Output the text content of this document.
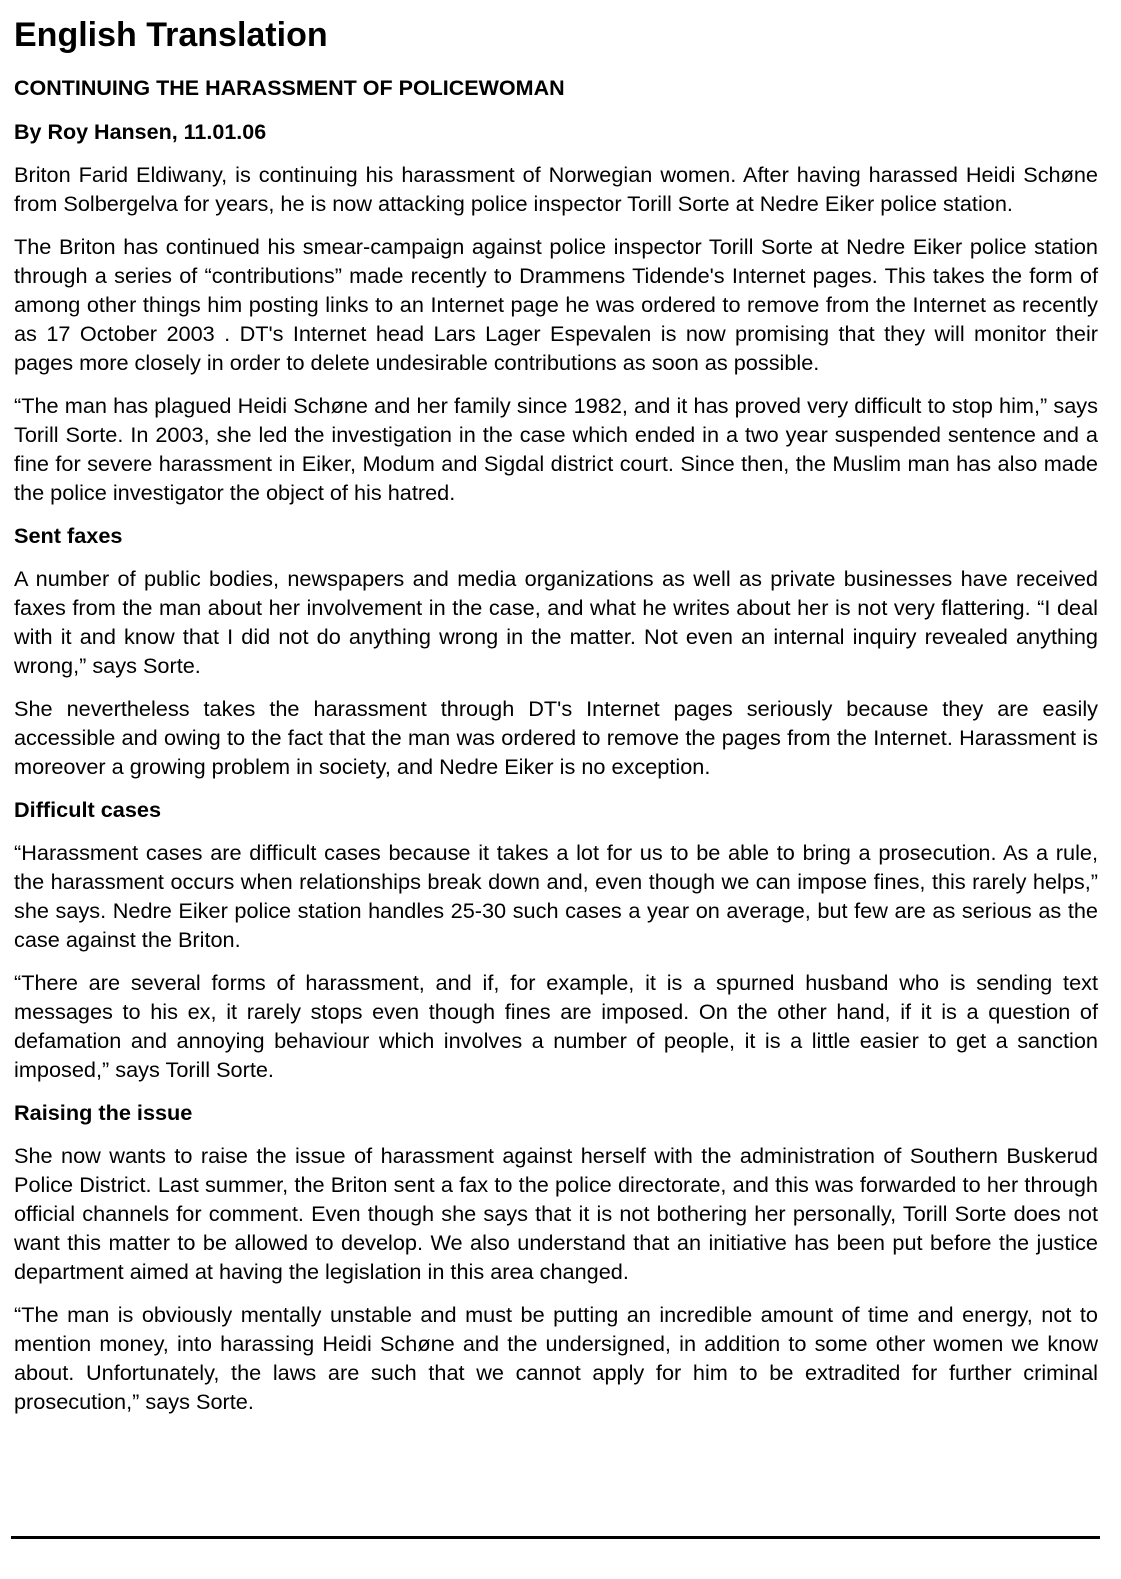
English Translation
CONTINUING THE HARASSMENT OF POLICEWOMAN
By Roy Hansen, 11.01.06

Briton Farid Eldiwany, is continuing his harassment of Norwegian women. After having harassed Heidi Schøne from Solbergelva for years, he is now attacking police inspector Torill Sorte at Nedre Eiker police station.

The Briton has continued his smear-campaign against police inspector Torill Sorte at Nedre Eiker police station through a series of “contributions” made recently to Drammens Tidende's Internet pages. This takes the form of among other things him posting links to an Internet page he was ordered to remove from the Internet as recently as 17 October 2003 . DT's Internet head Lars Lager Espevalen is now promising that they will monitor their pages more closely in order to delete undesirable contributions as soon as possible.

“The man has plagued Heidi Schøne and her family since 1982, and it has proved very difficult to stop him,” says Torill Sorte. In 2003, she led the investigation in the case which ended in a two year suspended sentence and a fine for severe harassment in Eiker, Modum and Sigdal district court. Since then, the Muslim man has also made the police investigator the object of his hatred.

Sent faxes

A number of public bodies, newspapers and media organizations as well as private businesses have received faxes from the man about her involvement in the case, and what he writes about her is not very flattering. “I deal with it and know that I did not do anything wrong in the matter. Not even an internal inquiry revealed anything wrong,” says Sorte.

She nevertheless takes the harassment through DT's Internet pages seriously because they are easily accessible and owing to the fact that the man was ordered to remove the pages from the Internet. Harassment is moreover a growing problem in society, and Nedre Eiker is no exception.

Difficult cases

“Harassment cases are difficult cases because it takes a lot for us to be able to bring a prosecution. As a rule, the harassment occurs when relationships break down and, even though we can impose fines, this rarely helps,” she says. Nedre Eiker police station handles 25-30 such cases a year on average, but few are as serious as the case against the Briton.

“There are several forms of harassment, and if, for example, it is a spurned husband who is sending text messages to his ex, it rarely stops even though fines are imposed. On the other hand, if it is a question of defamation and annoying behaviour which involves a number of people, it is a little easier to get a sanction imposed,” says Torill Sorte.

Raising the issue

She now wants to raise the issue of harassment against herself with the administration of Southern Buskerud Police District. Last summer, the Briton sent a fax to the police directorate, and this was forwarded to her through official channels for comment. Even though she says that it is not bothering her personally, Torill Sorte does not want this matter to be allowed to develop. We also understand that an initiative has been put before the justice department aimed at having the legislation in this area changed.

“The man is obviously mentally unstable and must be putting an incredible amount of time and energy, not to mention money, into harassing Heidi Schøne and the undersigned, in addition to some other women we know about. Unfortunately, the laws are such that we cannot apply for him to be extradited for further criminal prosecution,” says Sorte.
